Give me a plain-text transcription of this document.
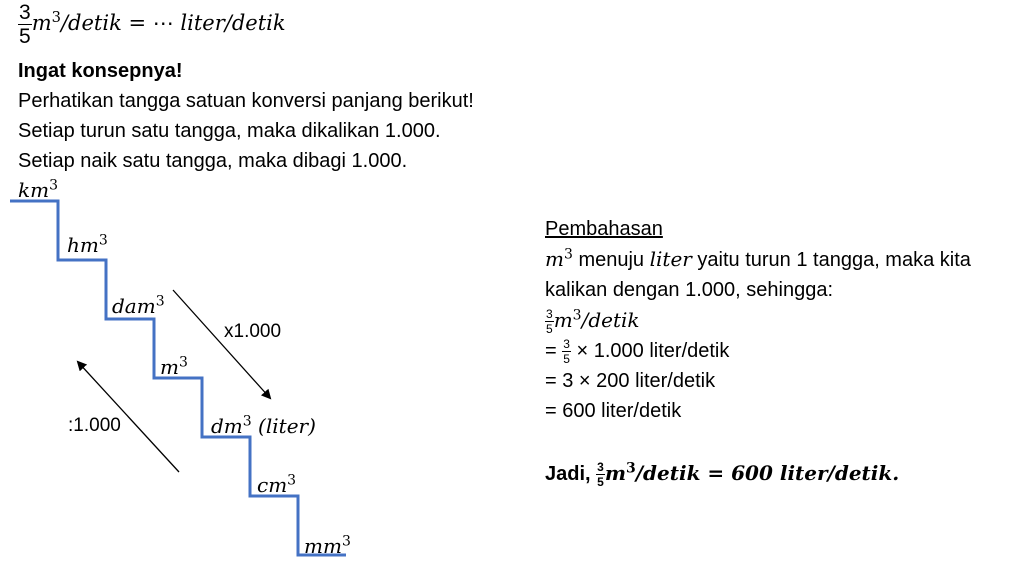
$\frac{3}{5}$ $m^3$/detik = ⋯ liter/detik
Ingat konsepnya!
Perhatikan tangga satuan konversi panjang berikut!
Setiap turun satu tangga, maka dikalikan 1.000.
Setiap naik satu tangga, maka dibagi 1.000.
$km^3$
$hm^3$
dam$^3$
$m^3$
$dm^3$ (liter)
$cm^3$
$mm^3$
x1.000
:1.000
Pembahasan
$m^3$ menuju liter yaitu turun 1 tangga, maka kita
kalikan dengan 1.000, sehingga:
$\frac{3}{5}$ $m^3$/detik
= $\frac{3}{5} \times 1.000$ liter/detik
= 3 × 200 liter/detik
= 600 liter/detik
Jadi, $\frac{3}{5}$ $m^3$/detik = 600 liter/detik.
